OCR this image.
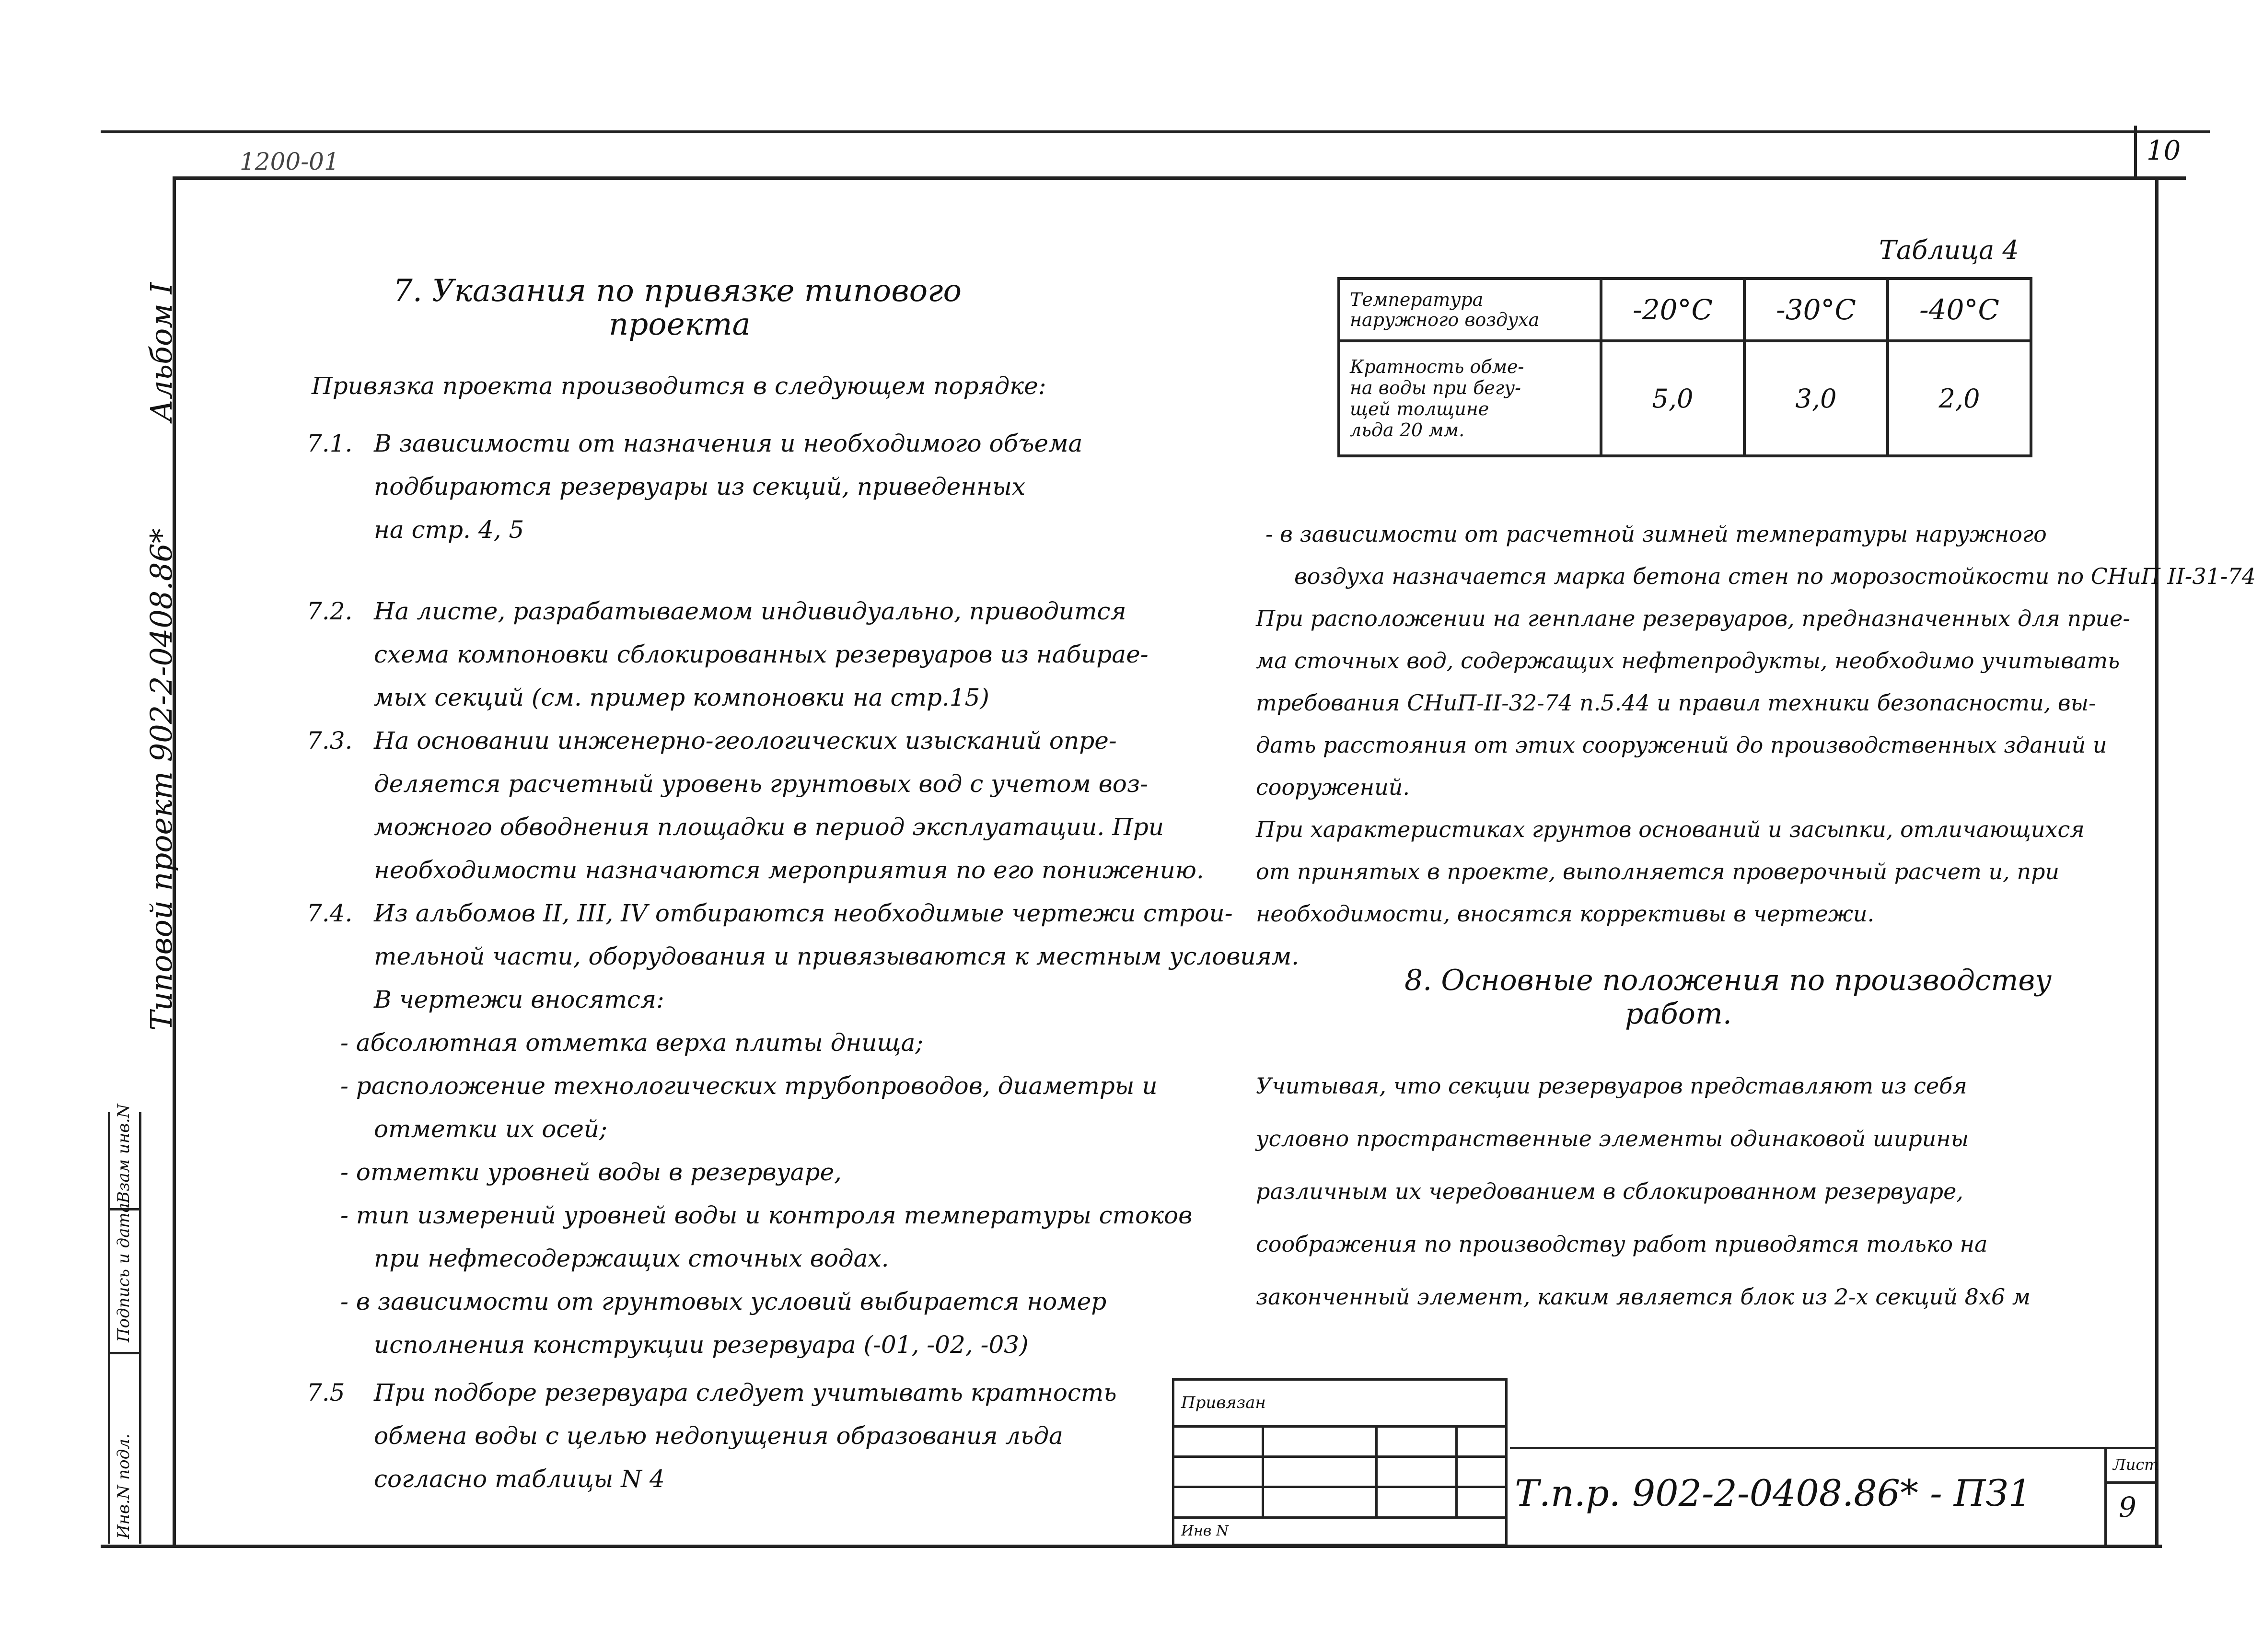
1200-01	10
Альбом I
Типовой проект 902-2-0408.86*
Взам инв.N
Подпись и дата
Инв.N подл.
7. Указания по привязке типового
проекта
Привязка проекта производится в следующем порядке:
7.1. В зависимости от назначения и необходимого объема
подбираются резервуары из секций, приведенных
на стр. 4, 5
7.2. На листе, разрабатываемом индивидуально, приводится
схема компоновки сблокированных резервуаров из набирае-
мых секций (см. пример компоновки на стр.15)
7.3. На основании инженерно-геологических изысканий опре-
деляется расчетный уровень грунтовых вод с учетом воз-
можного обводнения площадки в период эксплуатации. При
необходимости назначаются мероприятия по его понижению.
7.4. Из альбомов II, III, IV отбираются необходимые чертежи строи-
тельной части, оборудования и привязываются к местным условиям.
В чертежи вносятся:
- абсолютная отметка верха плиты днища;
- расположение технологических трубопроводов, диаметры и
отметки их осей;
- отметки уровней воды в резервуаре,
- тип измерений уровней воды и контроля температуры стоков
при нефтесодержащих сточных водах.
- в зависимости от грунтовых условий выбирается номер
исполнения конструкции резервуара (-01, -02, -03)
7.5 При подборе резервуара следует учитывать кратность
обмена воды с целью недопущения образования льда
согласно таблицы N 4
Таблица 4
Температура
наружного воздуха	-20°C	-30°C	-40°C

Кратность обме-
на воды при бегу-
щей толщине
льда 20 мм.	5,0	3,0	2,0
- в зависимости от расчетной зимней температуры наружного
воздуха назначается марка бетона стен по морозостойкости по СНиП II-31-74
При расположении на генплане резервуаров, предназначенных для прие-
ма сточных вод, содержащих нефтепродукты, необходимо учитывать
требования СНиП-II-32-74 п.5.44 и правил техники безопасности, вы-
дать расстояния от этих сооружений до производственных зданий и
сооружений.
При характеристиках грунтов оснований и засыпки, отличающихся
от принятых в проекте, выполняется проверочный расчет и, при
необходимости, вносятся коррективы в чертежи.
8. Основные положения по производству
работ.
Учитывая, что секции резервуаров представляют из себя
условно пространственные элементы одинаковой ширины
различным их чередованием в сблокированном резервуаре,
соображения по производству работ приводятся только на
законченный элемент, каким является блок из 2-х секций 8х6 м
Привязан			

Инв N			
Т.п.р. 902-2-0408.86* - ПЗ1
Лист
9
